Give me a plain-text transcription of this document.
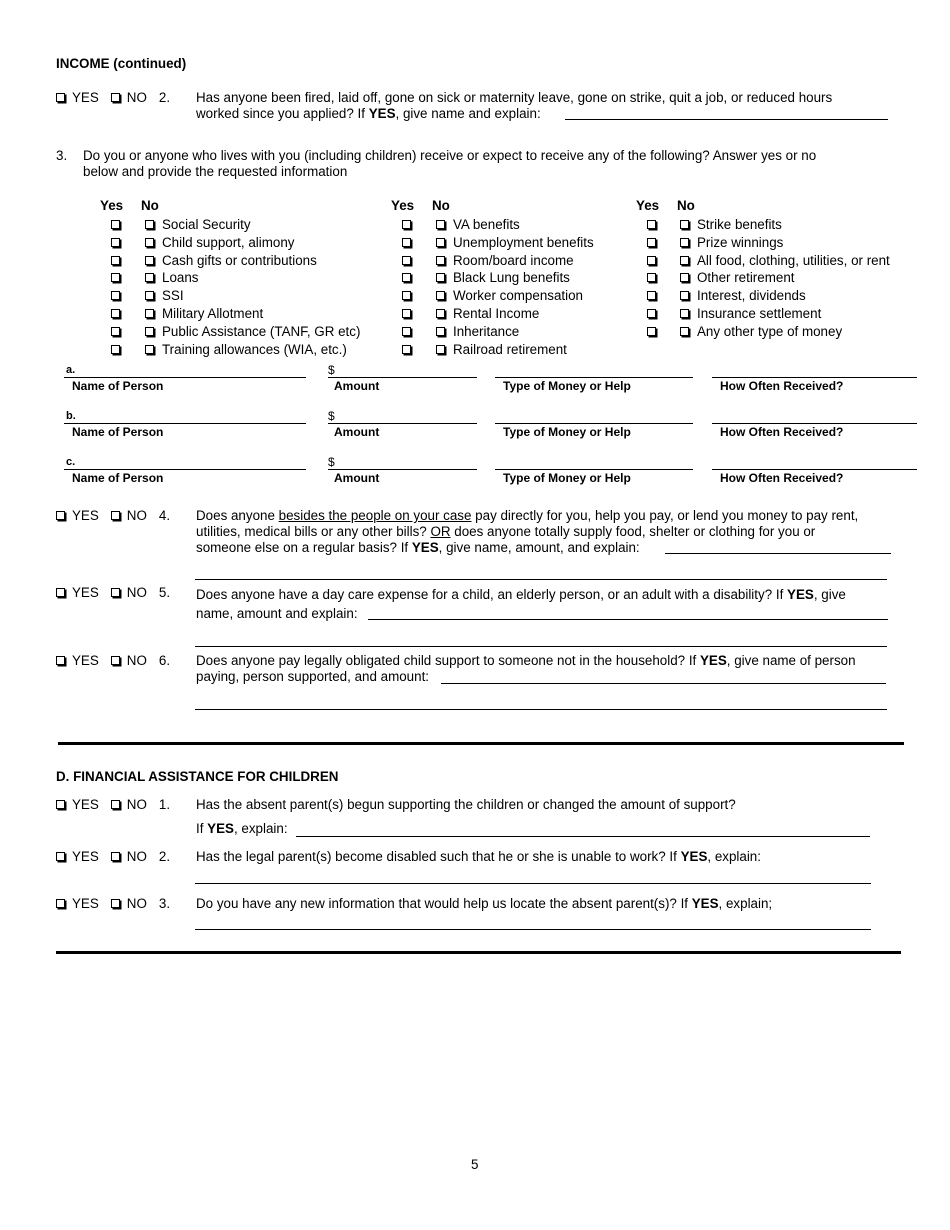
INCOME (continued)
YES NO 2. Has anyone been fired, laid off, gone on sick or maternity leave, gone on strike, quit a job, or reduced hours
worked since you applied? If YES, give name and explain:
3. Do you or anyone who lives with you (including children) receive or expect to receive any of the following? Answer yes or no
below and provide the requested information
Yes No	Yes No	Yes No
Social Security
Child support, alimony
Cash gifts or contributions
Loans
SSI
Military Allotment
Public Assistance (TANF, GR etc)
Training allowances (WIA, etc.)
VA benefits
Unemployment benefits
Room/board income
Black Lung benefits
Worker compensation
Rental Income
Inheritance
Railroad retirement
Strike benefits
Prize winnings
All food, clothing, utilities, or rent
Other retirement
Interest, dividends
Insurance settlement
Any other type of money
a.	$
Name of Person	Amount	Type of Money or Help	How Often Received?
b.	$
Name of Person	Amount	Type of Money or Help	How Often Received?
c.	$
Name of Person	Amount	Type of Money or Help	How Often Received?
YES NO 4. Does anyone besides the people on your case pay directly for you, help you pay, or lend you money to pay rent,
utilities, medical bills or any other bills? OR does anyone totally supply food, shelter or clothing for you or
someone else on a regular basis? If YES, give name, amount, and explain:
YES NO 5. Does anyone have a day care expense for a child, an elderly person, or an adult with a disability? If YES, give
name, amount and explain:
YES NO 6. Does anyone pay legally obligated child support to someone not in the household? If YES, give name of person
paying, person supported, and amount:
D. FINANCIAL ASSISTANCE FOR CHILDREN
YES NO 1. Has the absent parent(s) begun supporting the children or changed the amount of support?
If YES, explain:
YES NO 2. Has the legal parent(s) become disabled such that he or she is unable to work? If YES, explain:
YES NO 3. Do you have any new information that would help us locate the absent parent(s)? If YES, explain;
5
